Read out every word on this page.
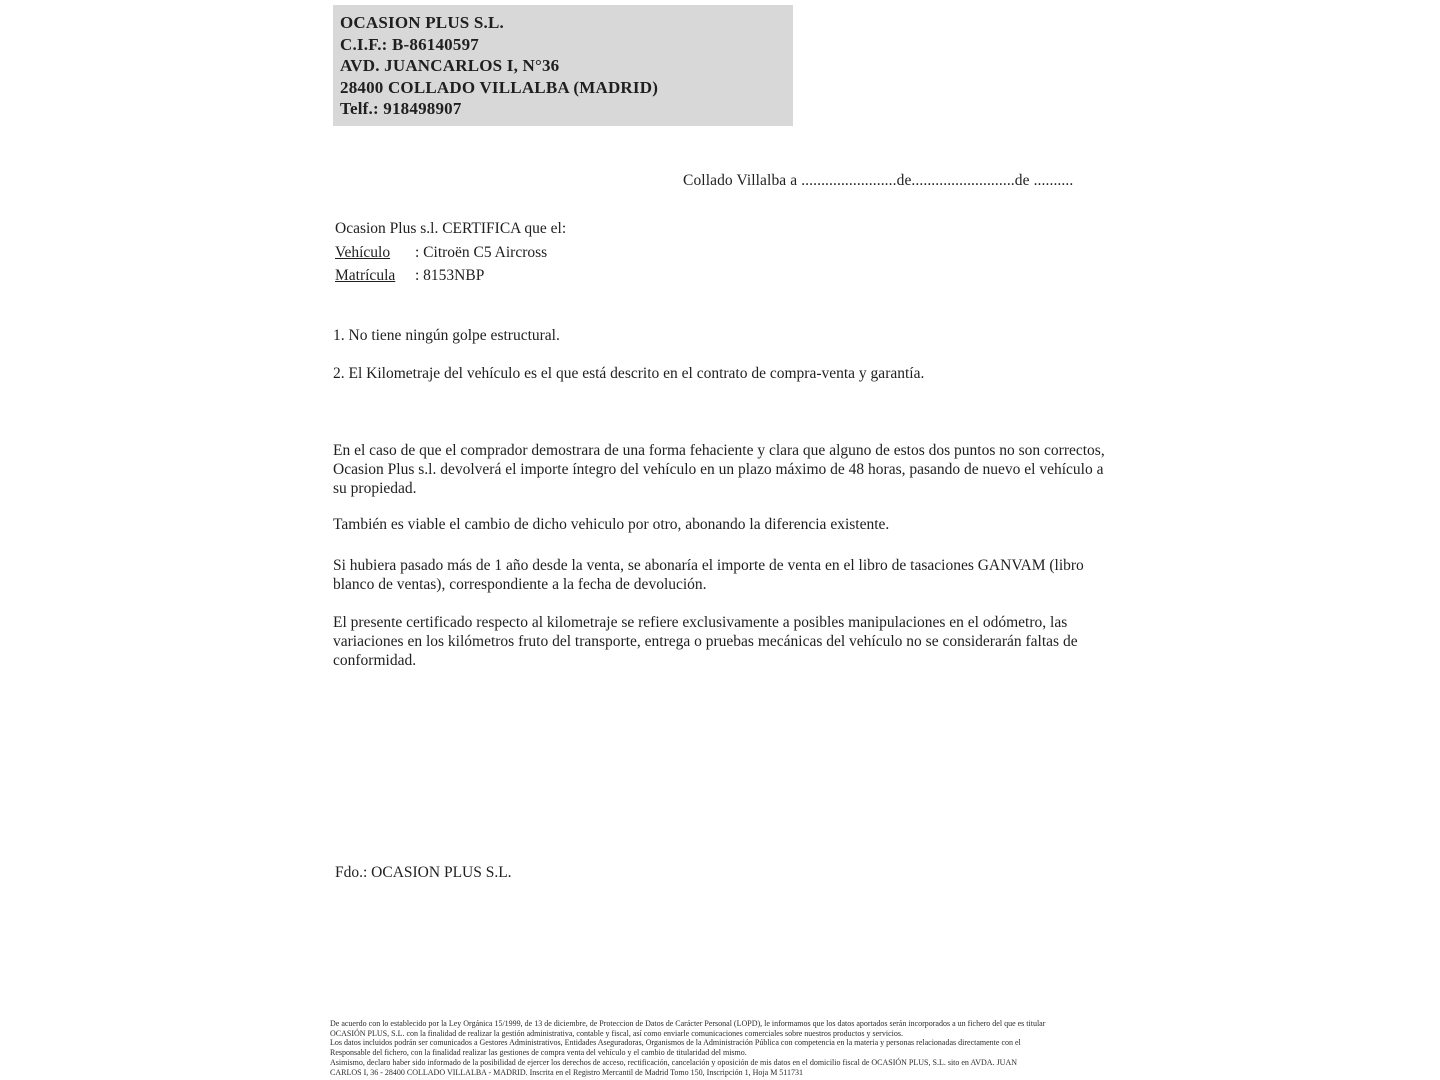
OCASION PLUS S.L.
C.I.F.: B-86140597
AVD. JUANCARLOS I, N°36
28400 COLLADO VILLALBA (MADRID)
Telf.: 918498907
Collado Villalba a ........................de..........................de ..........
Ocasion Plus s.l. CERTIFICA que el:
Vehículo : Citroën C5 Aircross
Matrícula : 8153NBP
1. No tiene ningún golpe estructural.
2. El Kilometraje del vehículo es el que está descrito en el contrato de compra-venta y garantía.
En el caso de que el comprador demostrara de una forma fehaciente y clara que alguno de estos dos puntos no son correctos, Ocasion Plus s.l. devolverá el importe íntegro del vehículo en un plazo máximo de 48 horas, pasando de nuevo el vehículo a su propiedad.
También es viable el cambio de dicho vehiculo por otro, abonando la diferencia existente.
Si hubiera pasado más de 1 año desde la venta, se abonaría el importe de venta en el libro de tasaciones GANVAM (libro blanco de ventas), correspondiente a la fecha de devolución.
El presente certificado respecto al kilometraje se refiere exclusivamente a posibles manipulaciones en el odómetro, las variaciones en los kilómetros fruto del transporte, entrega o pruebas mecánicas del vehículo no se considerarán faltas de conformidad.
Fdo.: OCASION PLUS S.L.
De acuerdo con lo establecido por la Ley Orgánica 15/1999, de 13 de diciembre, de Proteccion de Datos de Carácter Personal (LOPD), le informamos que los datos aportados serán incorporados a un fichero del que es titular
OCASIÓN PLUS, S.L. con la finalidad de realizar la gestión administrativa, contable y fiscal, así como enviarle comunicaciones comerciales sobre nuestros productos y servicios.
Los datos incluidos podrán ser comunicados a Gestores Administrativos, Entidades Aseguradoras, Organismos de la Administración Pública con competencia en la materia y personas relacionadas directamente con el
Responsable del fichero, con la finalidad realizar las gestiones de compra venta del vehículo y el cambio de titularidad del mismo.
Asimismo, declaro haber sido informado de la posibilidad de ejercer los derechos de acceso, rectificación, cancelación y oposición de mis datos en el domicilio fiscal de OCASIÓN PLUS, S.L. sito en AVDA. JUAN
CARLOS I, 36 - 28400 COLLADO VILLALBA - MADRID. Inscrita en el Registro Mercantil de Madrid Tomo 150, Inscripción 1, Hoja M 511731
